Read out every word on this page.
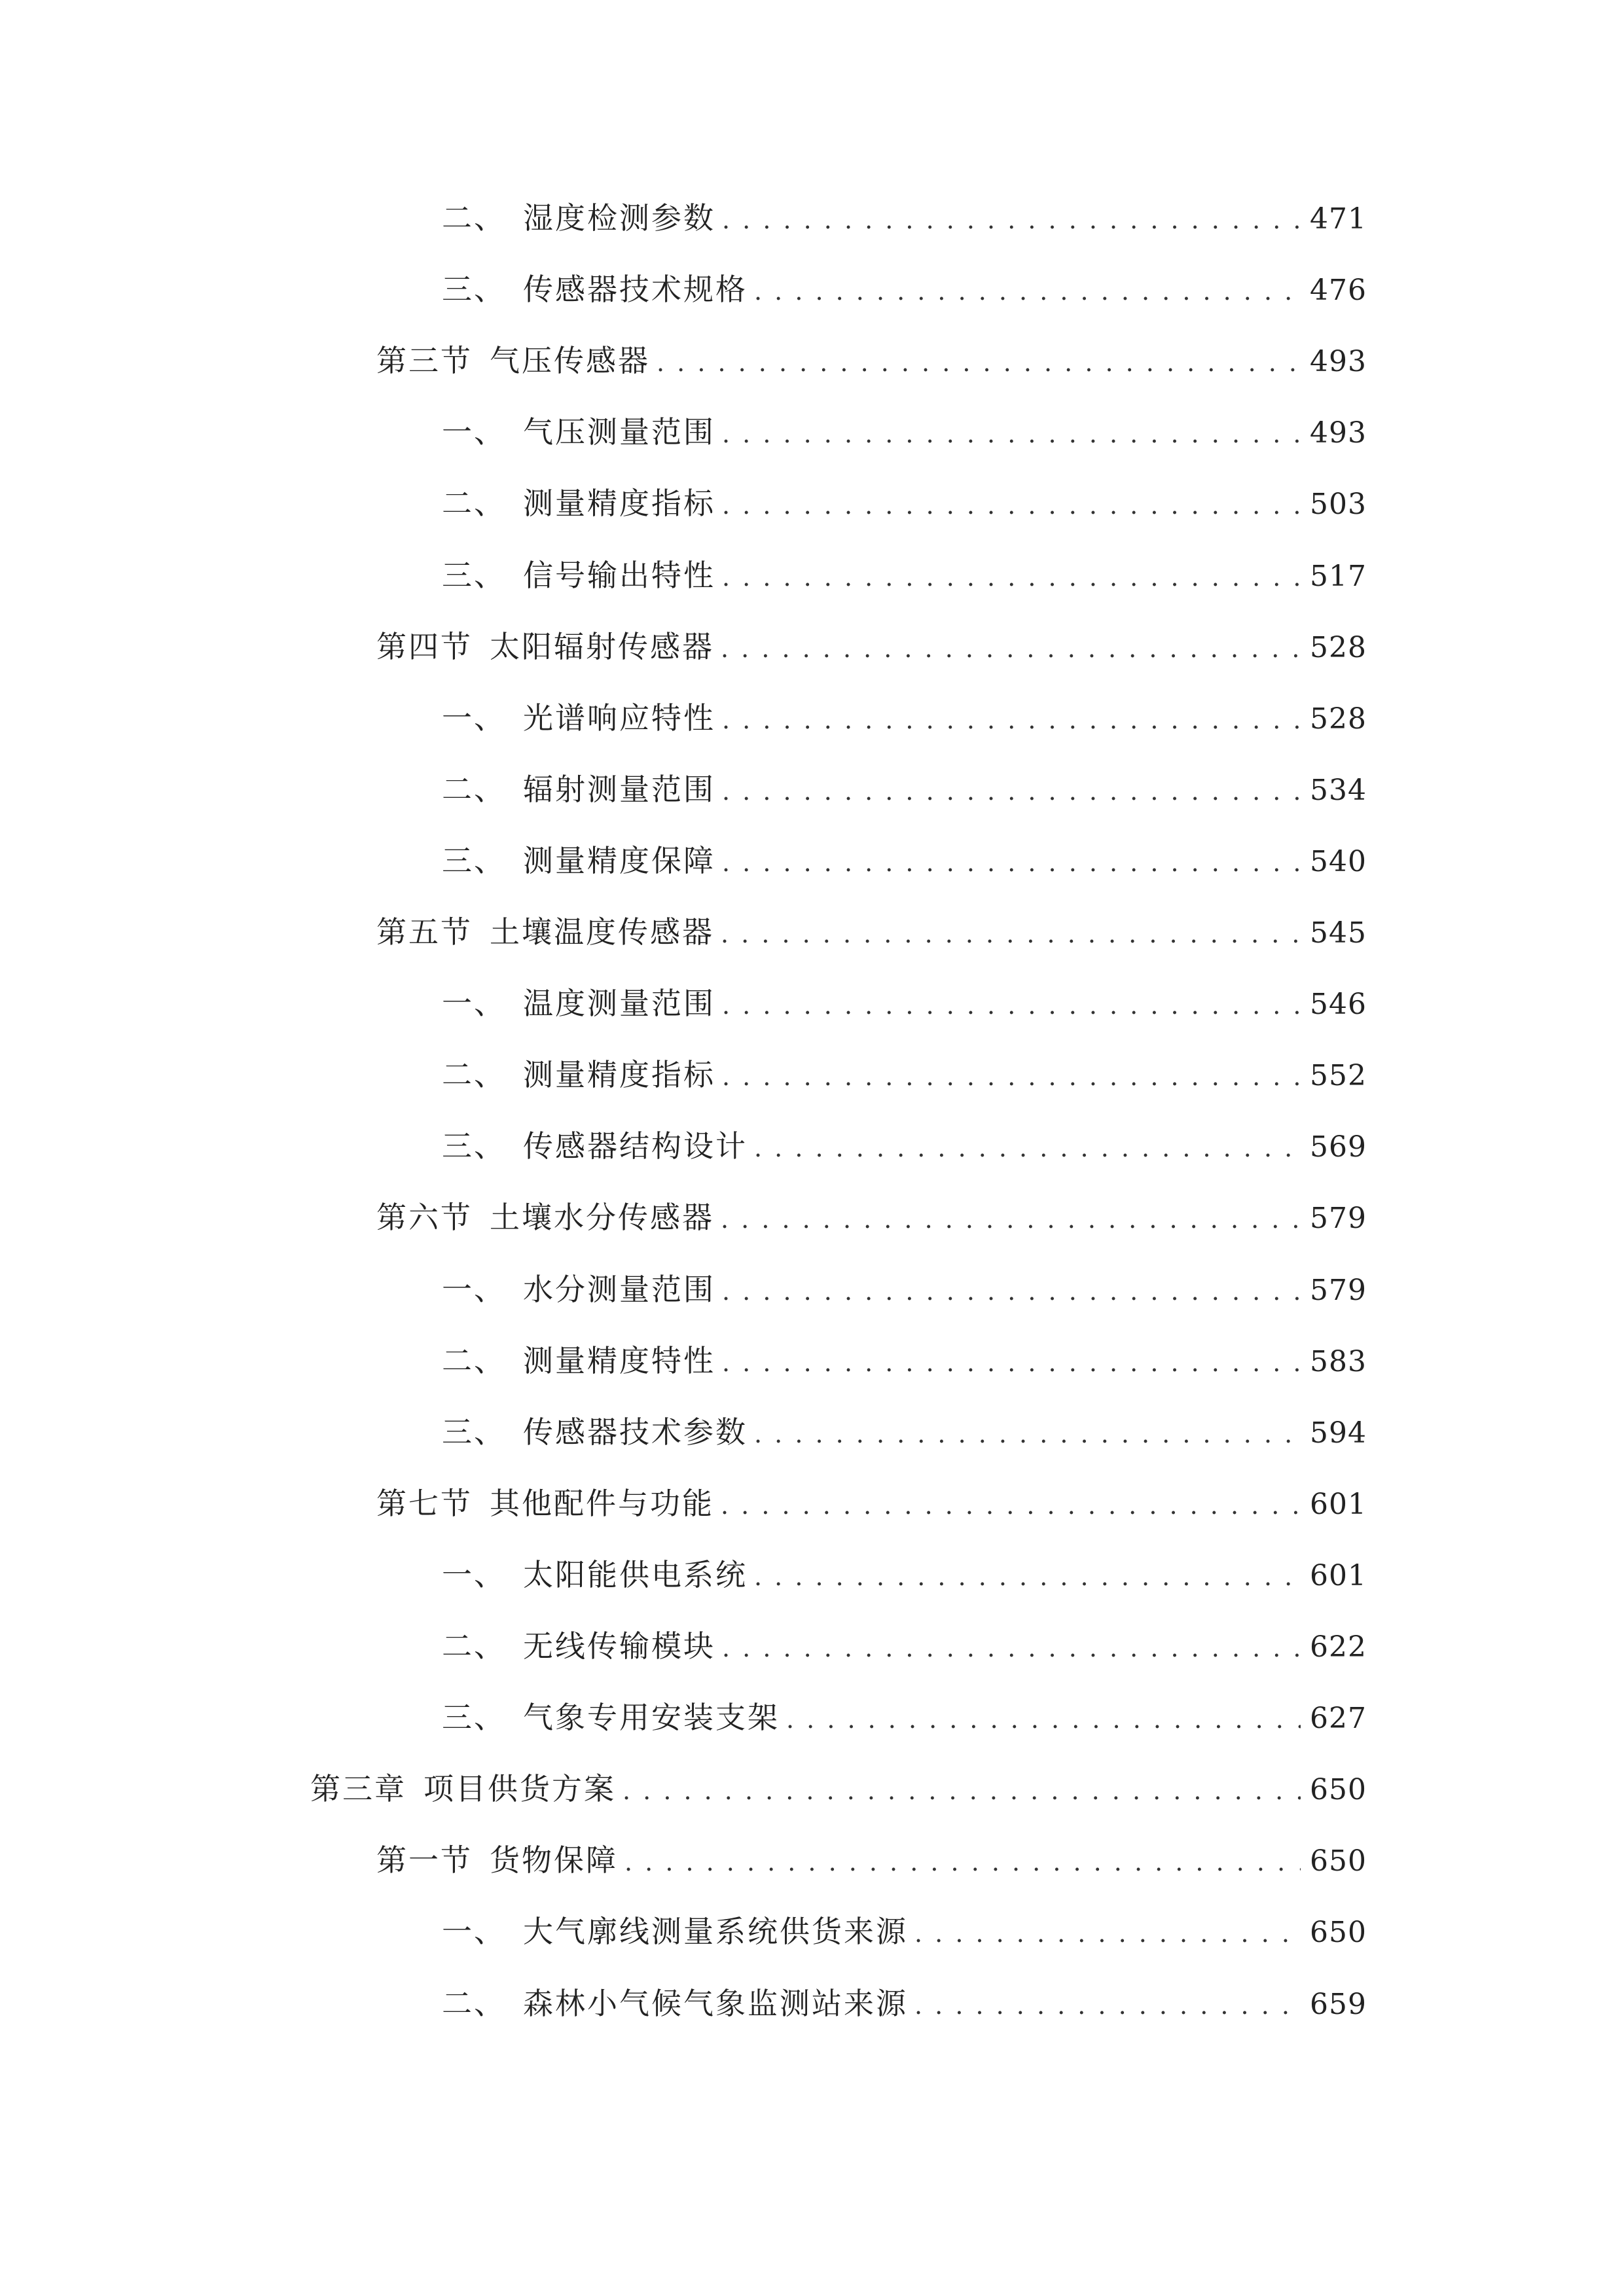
二、 湿度检测参数 . . .	471
三、 传感器技术规格 . . .	476
第三节 气压传感器 . . .	493
一、 气压测量范围 . . .	493
二、 测量精度指标 . . .	503
三、 信号输出特性 . . .	517
第四节 太阳辐射传感器 . . .	528
一、 光谱响应特性 . . .	528
二、 辐射测量范围 . . .	534
三、 测量精度保障 . . .	540
第五节 土壤温度传感器 . . .	545
一、 温度测量范围 . . .	546
二、 测量精度指标 . . .	552
三、 传感器结构设计 . . .	569
第六节 土壤水分传感器 . . .	579
一、 水分测量范围 . . .	579
二、 测量精度特性 . . .	583
三、 传感器技术参数 . . .	594
第七节 其他配件与功能 . . .	601
一、 太阳能供电系统 . . .	601
二、 无线传输模块 . . .	622
三、 气象专用安装支架 . . .	627
第三章 项目供货方案 . . .	650
第一节 货物保障 . . .	650
一、 大气廓线测量系统供货来源 . . .	650
二、 森林小气候气象监测站来源 . . .	659
